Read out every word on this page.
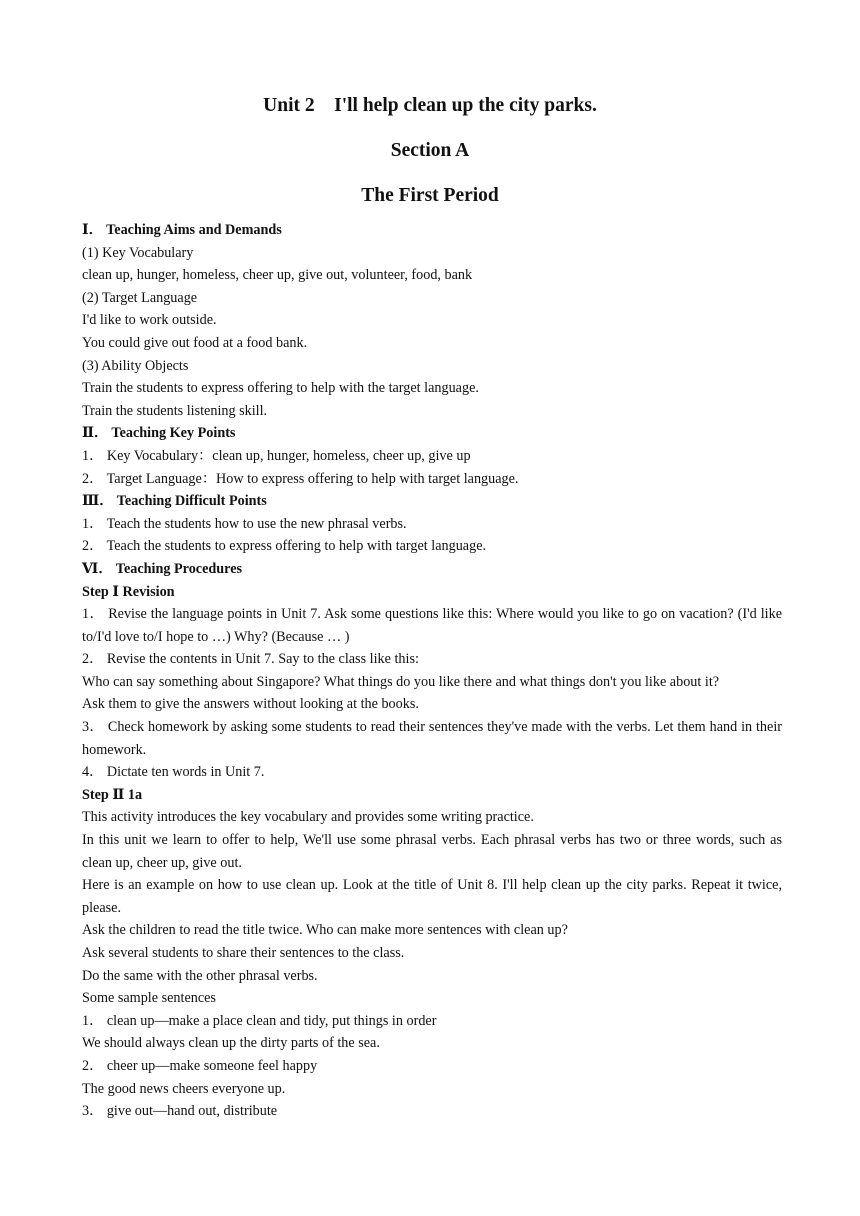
Unit 2　I'll help clean up the city parks.
Section A
The First Period

Ⅰ． Teaching Aims and Demands

(1) Key Vocabulary

clean up, hunger, homeless, cheer up, give out, volunteer, food, bank

(2) Target Language

I'd like to work outside.

You could give out food at a food bank.

(3) Ability Objects

Train the students to express offering to help with the target language.

Train the students listening skill.

Ⅱ． Teaching Key Points

1． Key Vocabulary：clean up, hunger, homeless, cheer up, give up

2． Target Language：How to express offering to help with target language.

Ⅲ． Teaching Difficult Points

1． Teach the students how to use the new phrasal verbs.

2． Teach the students to express offering to help with target language.

Ⅵ． Teaching Procedures

Step Ⅰ Revision

1． Revise the language points in Unit 7. Ask some questions like this: Where would you like to go on vacation? (I'd like to/I'd love to/I hope to …) Why? (Because … )

2． Revise the contents in Unit 7. Say to the class like this:

Who can say something about Singapore? What things do you like there and what things don't you like about it?

Ask them to give the answers without looking at the books.

3． Check homework by asking some students to read their sentences they've made with the verbs. Let them hand in their homework.

4． Dictate ten words in Unit 7.

Step Ⅱ 1a

This activity introduces the key vocabulary and provides some writing practice.

In this unit we learn to offer to help, We'll use some phrasal verbs. Each phrasal verbs has two or three words, such as clean up, cheer up, give out.

Here is an example on how to use clean up. Look at the title of Unit 8. I'll help clean up the city parks. Repeat it twice, please.

Ask the children to read the title twice. Who can make more sentences with clean up?

Ask several students to share their sentences to the class.

Do the same with the other phrasal verbs.

Some sample sentences

1． clean up—make a place clean and tidy, put things in order

We should always clean up the dirty parts of the sea.

2． cheer up—make someone feel happy

The good news cheers everyone up.

3． give out—hand out, distribute
